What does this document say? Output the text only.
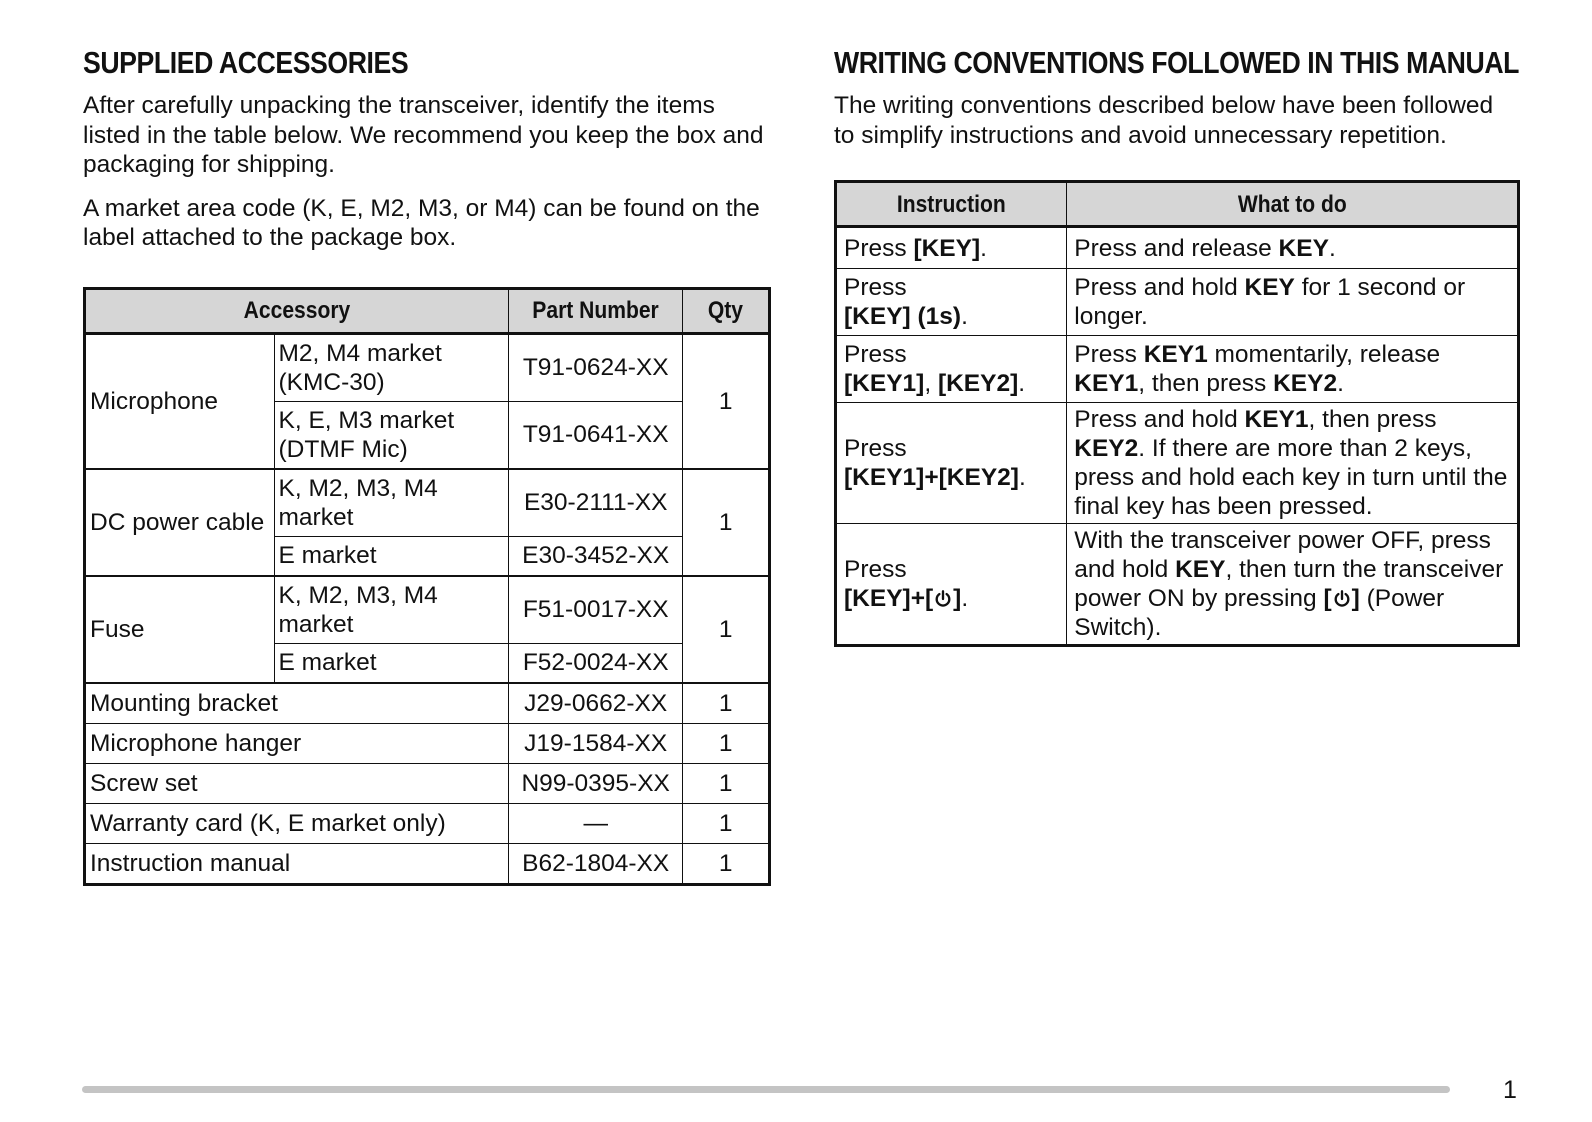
SUPPLIED ACCESSORIES

After carefully unpacking the transceiver, identify the items listed in the table below. We recommend you keep the box and packaging for shipping.

A market area code (K, E, M2, M3, or M4) can be found on the label attached to the package box.

Accessory		Part Number	Qty
Microphone	M2, M4 market (KMC-30)	T91-0624-XX	1
	K, E, M3 market (DTMF Mic)	T91-0641-XX	
DC power cable	K, M2, M3, M4 market	E30-2111-XX	1
	E market	E30-3452-XX	
Fuse	K, M2, M3, M4 market	F51-0017-XX	1
	E market	F52-0024-XX	
Mounting bracket		J29-0662-XX	1
Microphone hanger		J19-1584-XX	1
Screw set		N99-0395-XX	1
Warranty card (K, E market only)		—	1
Instruction manual		B62-1804-XX	1
WRITING CONVENTIONS FOLLOWED IN THIS MANUAL

The writing conventions described below have been followed to simplify instructions and avoid unnecessary repetition.

Instruction	What to do
Press [KEY].	Press and release KEY.
Press
[KEY] (1s).	Press and hold KEY for 1 second or longer.
Press
[KEY1], [KEY2].	Press KEY1 momentarily, release KEY1, then press KEY2.
Press
[KEY1]+[KEY2].	Press and hold KEY1, then press KEY2. If there are more than 2 keys, press and hold each key in turn until the final key has been pressed.
Press
[KEY]+[ ].	With the transceiver power OFF, press and hold KEY, then turn the transceiver power ON by pressing [ ] (Power Switch).
1
